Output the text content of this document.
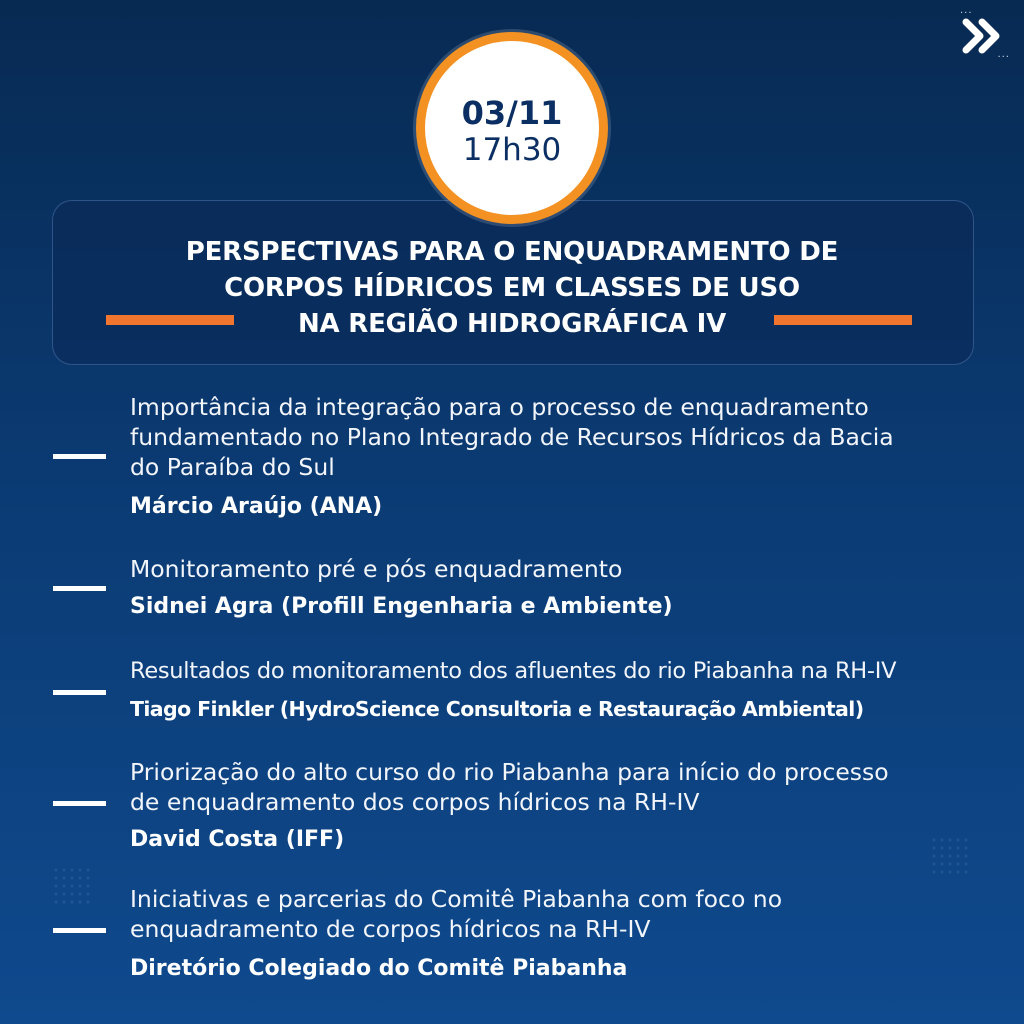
···
···
03/11
17h30
PERSPECTIVAS PARA O ENQUADRAMENTO DE
CORPOS HÍDRICOS EM CLASSES DE USO
NA REGIÃO HIDROGRÁFICA IV
Importância da integração para o processo de enquadramento
fundamentado no Plano Integrado de Recursos Hídricos da Bacia
do Paraíba do Sul
Márcio Araújo (ANA)
Monitoramento pré e pós enquadramento
Sidnei Agra (Profill Engenharia e Ambiente)
Resultados do monitoramento dos afluentes do rio Piabanha na RH-IV
Tiago Finkler (HydroScience Consultoria e Restauração Ambiental)
Priorização do alto curso do rio Piabanha para início do processo
de enquadramento dos corpos hídricos na RH-IV
David Costa (IFF)
Iniciativas e parcerias do Comitê Piabanha com foco no
enquadramento de corpos hídricos na RH-IV
Diretório Colegiado do Comitê Piabanha
